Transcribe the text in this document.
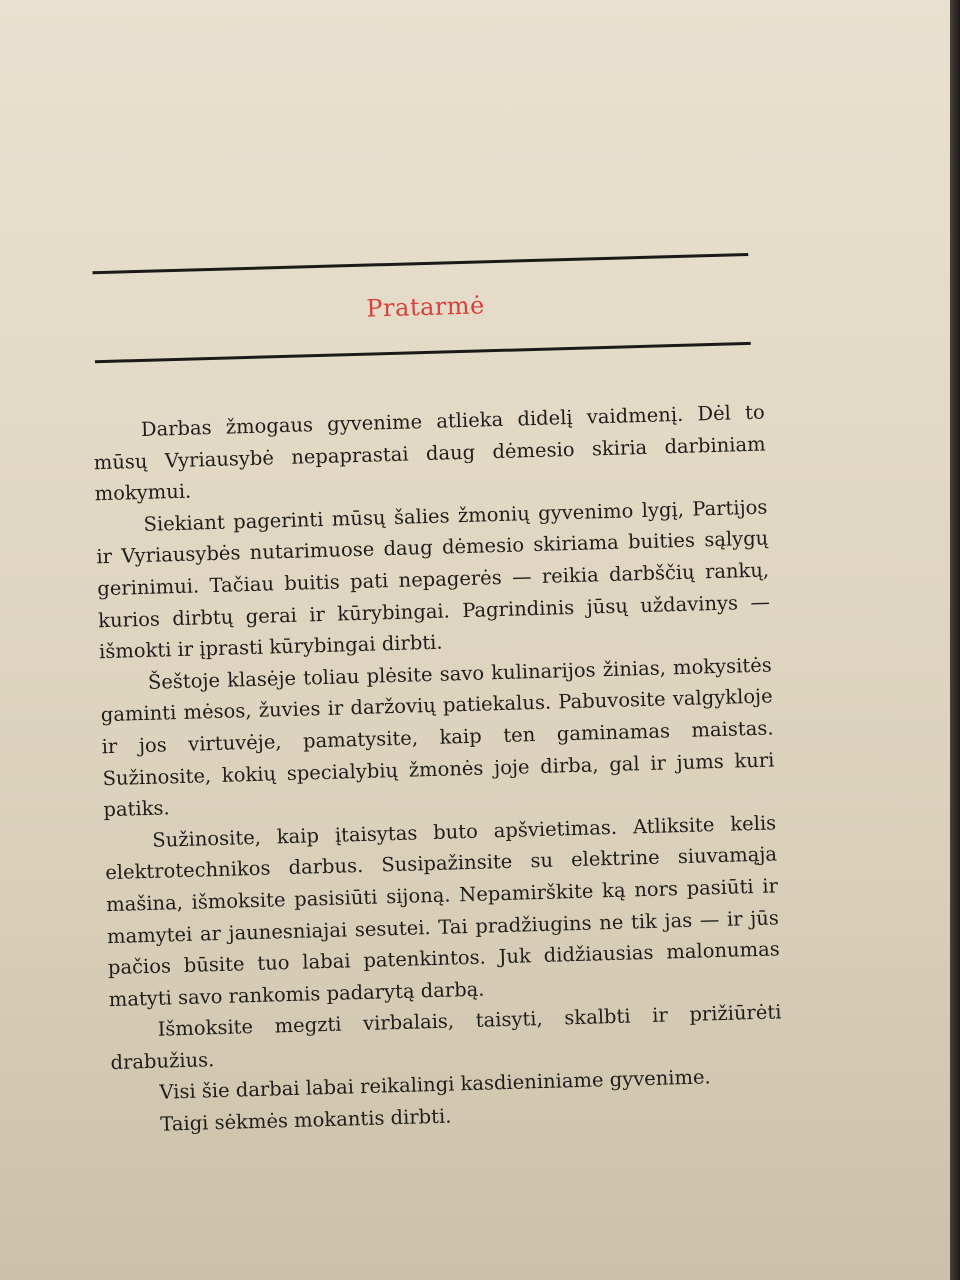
Pratarmė

Darbas žmogaus gyvenime atlieka didelį vaidmenį. Dėl to mūsų Vyriausybė nepaprastai daug dėmesio skiria darbiniam mokymui.

Siekiant pagerinti mūsų šalies žmonių gyvenimo lygį, Partijos ir Vyriausybės nutarimuose daug dėmesio skiriama buities sąlygų gerinimui. Tačiau buitis pati nepagerės — reikia darbščių rankų, kurios dirbtų gerai ir kūrybingai. Pagrindinis jūsų uždavinys — išmokti ir įprasti kūrybingai dirbti.

Šeštoje klasėje toliau plėsite savo kulinarijos žinias, mokysitės gaminti mėsos, žuvies ir daržovių patiekalus. Pabuvosite valgykloje ir jos virtuvėje, pamatysite, kaip ten gaminamas maistas. Sužinosite, kokių specialybių žmonės joje dirba, gal ir jums kuri patiks.

Sužinosite, kaip įtaisytas buto apšvietimas. Atliksite kelis elektrotechnikos darbus. Susipažinsite su elektrine siuvamąja mašina, išmoksite pasisiūti sijoną. Nepamirškite ką nors pasiūti ir mamytei ar jaunesniajai sesutei. Tai pradžiugins ne tik jas — ir jūs pačios būsite tuo labai patenkintos. Juk didžiausias malonumas matyti savo rankomis padarytą darbą.

Išmoksite megzti virbalais, taisyti, skalbti ir prižiūrėti drabužius.

Visi šie darbai labai reikalingi kasdieniniame gyvenime.

Taigi sėkmės mokantis dirbti.
